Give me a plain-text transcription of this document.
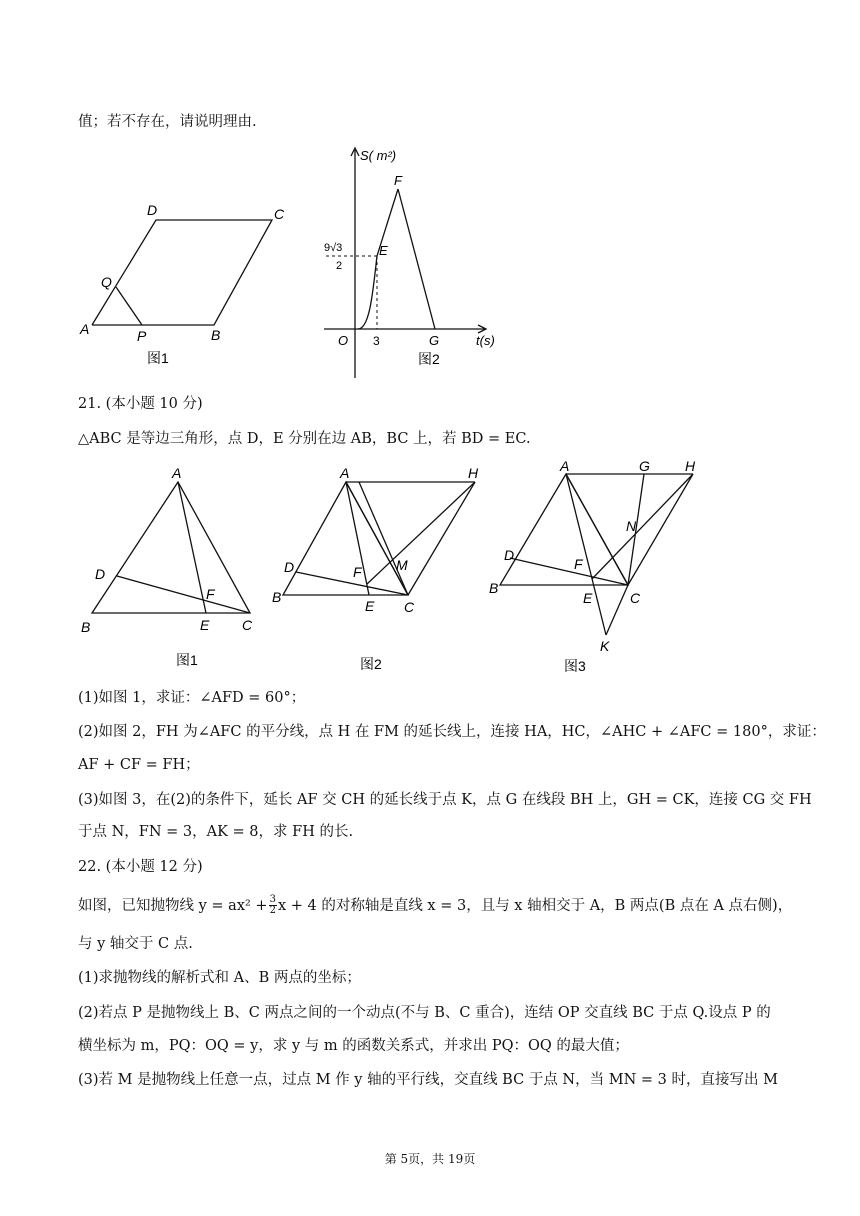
值；若不存在，请说明理由.
A	B
C
D
P
Q
图1
S( m²)
t(s)
O
9√3
2
3
E
F
G
图2
21. (本小题 10 分)
△ABC 是等边三角形，点 D，E 分别在边 AB，BC 上，若 BD = EC.
A
B	C
D
E
F
图1
A	H
B
C
D
E
F M
图2
A	G	H
N
B
C
D
E
F
K
图3
(1)如图 1，求证：∠AFD = 60°；
(2)如图 2，FH 为∠AFC 的平分线，点 H 在 FM 的延长线上，连接 HA，HC，∠AHC + ∠AFC = 180°，求证：
AF + CF = FH；
(3)如图 3，在(2)的条件下，延长 AF 交 CH 的延长线于点 K，点 G 在线段 BH 上，GH = CK，连接 CG 交 FH
于点 N，FN = 3，AK = 8，求 FH 的长.
22. (本小题 12 分)
如图，已知抛物线 $y = ax^2 + \frac{3}{2}$ x + 4 的对称轴是直线 x = 3，且与 x 轴相交于 A，B 两点(B 点在 A 点右侧)，
与 y 轴交于 C 点.
(1)求抛物线的解析式和 A、B 两点的坐标；
(2)若点 P 是抛物线上 B、C 两点之间的一个动点(不与 B、C 重合)，连结 OP 交直线 BC 于点 Q.设点 P 的
横坐标为 m，PQ：OQ = y，求 y 与 m 的函数关系式，并求出 PQ：OQ 的最大值；
(3)若 M 是抛物线上任意一点，过点 M 作 y 轴的平行线，交直线 BC 于点 N，当 MN = 3 时，直接写出 M
第 5页，共 19页
